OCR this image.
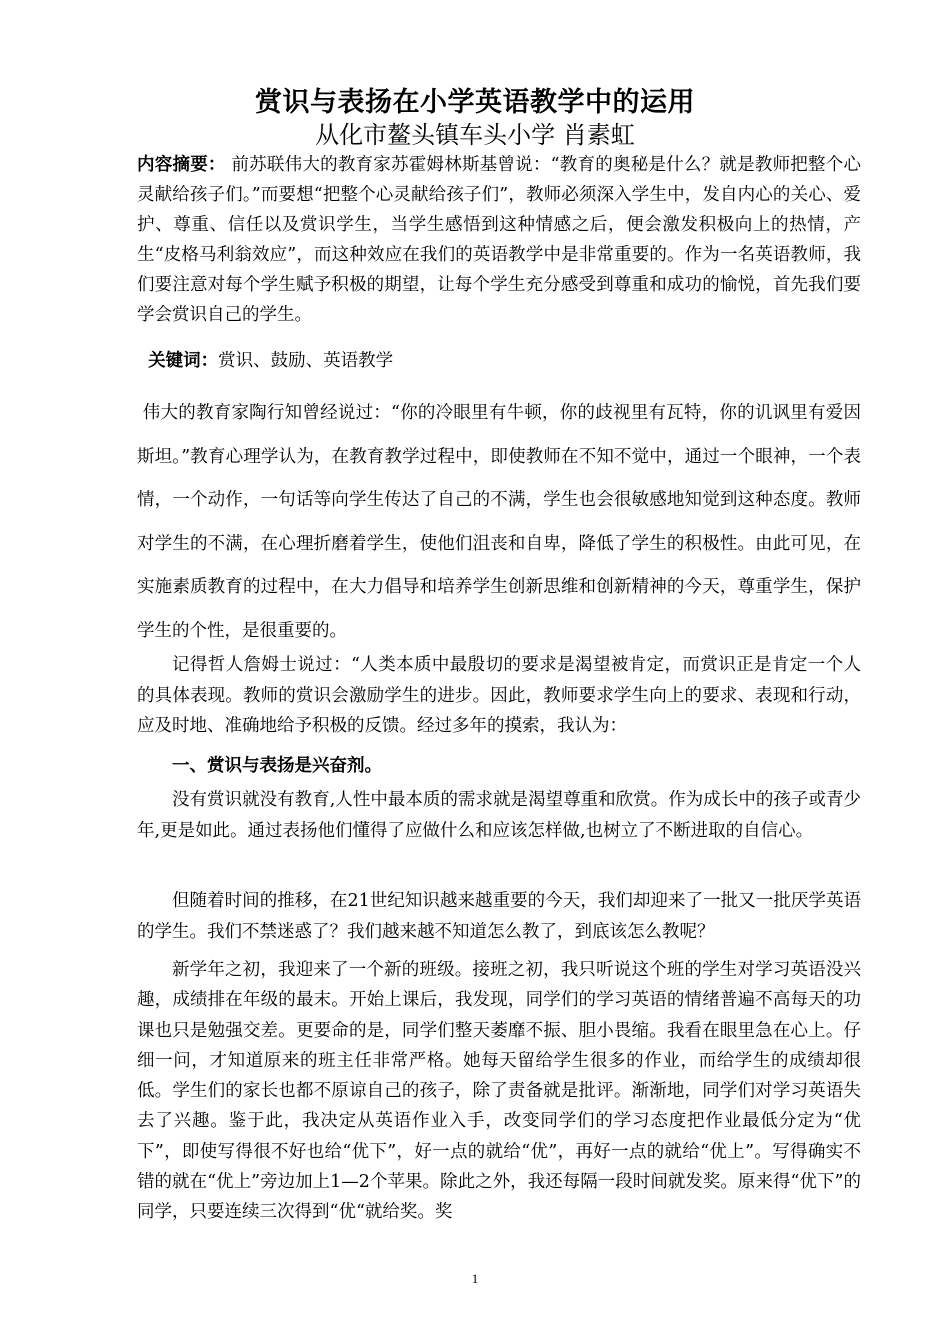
赏识与表扬在小学英语教学中的运用
从化市鳌头镇车头小学 肖素虹
内容摘要： 前苏联伟大的教育家苏霍姆林斯基曾说：“教育的奥秘是什么？就是教师把整个心灵献给孩子们。”而要想“把整个心灵献给孩子们”，教师必须深入学生中，发自内心的关心、爱护、尊重、信任以及赏识学生，当学生感悟到这种情感之后，便会激发积极向上的热情，产生“皮格马利翁效应”，而这种效应在我们的英语教学中是非常重要的。作为一名英语教师，我们要注意对每个学生赋予积极的期望，让每个学生充分感受到尊重和成功的愉悦，首先我们要学会赏识自己的学生。
关键词：赏识、鼓励、英语教学
伟大的教育家陶行知曾经说过：“你的冷眼里有牛顿，你的歧视里有瓦特，你的讥讽里有爱因斯坦。”教育心理学认为，在教育教学过程中，即使教师在不知不觉中，通过一个眼神，一个表情，一个动作，一句话等向学生传达了自己的不满，学生也会很敏感地知觉到这种态度。教师对学生的不满，在心理折磨着学生，使他们沮丧和自卑，降低了学生的积极性。由此可见，在实施素质教育的过程中，在大力倡导和培养学生创新思维和创新精神的今天，尊重学生，保护学生的个性，是很重要的。
记得哲人詹姆士说过：“人类本质中最殷切的要求是渴望被肯定，而赏识正是肯定一个人的具体表现。教师的赏识会激励学生的进步。因此，教师要求学生向上的要求、表现和行动，应及时地、准确地给予积极的反馈。经过多年的摸索，我认为：
一、赏识与表扬是兴奋剂。
没有赏识就没有教育,人性中最本质的需求就是渴望尊重和欣赏。作为成长中的孩子或青少年,更是如此。通过表扬他们懂得了应做什么和应该怎样做,也树立了不断进取的自信心。
但随着时间的推移，在21世纪知识越来越重要的今天，我们却迎来了一批又一批厌学英语的学生。我们不禁迷惑了？我们越来越不知道怎么教了，到底该怎么教呢？
新学年之初，我迎来了一个新的班级。接班之初，我只听说这个班的学生对学习英语没兴趣，成绩排在年级的最末。开始上课后，我发现，同学们的学习英语的情绪普遍不高每天的功课也只是勉强交差。更要命的是，同学们整天萎靡不振、胆小畏缩。我看在眼里急在心上。仔细一问，才知道原来的班主任非常严格。她每天留给学生很多的作业，而给学生的成绩却很低。学生们的家长也都不原谅自己的孩子，除了责备就是批评。渐渐地，同学们对学习英语失去了兴趣。鉴于此，我决定从英语作业入手，改变同学们的学习态度把作业最低分定为“优下”，即使写得很不好也给“优下”，好一点的就给“优”，再好一点的就给“优上”。写得确实不错的就在“优上”旁边加上1—2个苹果。除此之外，我还每隔一段时间就发奖。原来得“优下”的同学，只要连续三次得到“优“就给奖。奖
1
